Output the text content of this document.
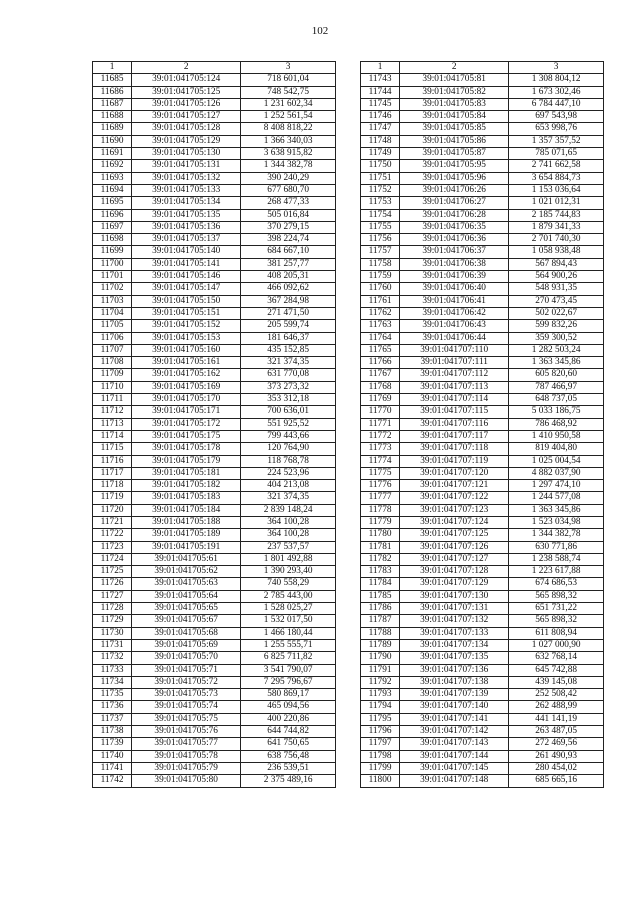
102
1	2	3
11685	39:01:041705:124	718 601,04
11686	39:01:041705:125	748 542,75
11687	39:01:041705:126	1 231 602,34
11688	39:01:041705:127	1 252 561,54
11689	39:01:041705:128	8 408 818,22
11690	39:01:041705:129	1 366 340,03
11691	39:01:041705:130	3 638 915,82
11692	39:01:041705:131	1 344 382,78
11693	39:01:041705:132	390 240,29
11694	39:01:041705:133	677 680,70
11695	39:01:041705:134	268 477,33
11696	39:01:041705:135	505 016,84
11697	39:01:041705:136	370 279,15
11698	39:01:041705:137	398 224,74
11699	39:01:041705:140	684 667,10
11700	39:01:041705:141	381 257,77
11701	39:01:041705:146	408 205,31
11702	39:01:041705:147	466 092,62
11703	39:01:041705:150	367 284,98
11704	39:01:041705:151	271 471,50
11705	39:01:041705:152	205 599,74
11706	39:01:041705:153	181 646,37
11707	39:01:041705:160	435 152,85
11708	39:01:041705:161	321 374,35
11709	39:01:041705:162	631 770,08
11710	39:01:041705:169	373 273,32
11711	39:01:041705:170	353 312,18
11712	39:01:041705:171	700 636,01
11713	39:01:041705:172	551 925,52
11714	39:01:041705:175	799 443,66
11715	39:01:041705:178	120 764,90
11716	39:01:041705:179	118 768,78
11717	39:01:041705:181	224 523,96
11718	39:01:041705:182	404 213,08
11719	39:01:041705:183	321 374,35
11720	39:01:041705:184	2 839 148,24
11721	39:01:041705:188	364 100,28
11722	39:01:041705:189	364 100,28
11723	39:01:041705:191	237 537,57
11724	39:01:041705:61	1 801 492,88
11725	39:01:041705:62	1 390 293,40
11726	39:01:041705:63	740 558,29
11727	39:01:041705:64	2 785 443,00
11728	39:01:041705:65	1 528 025,27
11729	39:01:041705:67	1 532 017,50
11730	39:01:041705:68	1 466 180,44
11731	39:01:041705:69	1 255 555,71
11732	39:01:041705:70	6 825 711,82
11733	39:01:041705:71	3 541 790,07
11734	39:01:041705:72	7 295 796,67
11735	39:01:041705:73	580 869,17
11736	39:01:041705:74	465 094,56
11737	39:01:041705:75	400 220,86
11738	39:01:041705:76	644 744,82
11739	39:01:041705:77	641 750,65
11740	39:01:041705:78	638 756,48
11741	39:01:041705:79	236 539,51
11742	39:01:041705:80	2 375 489,16
1	2	3
11743	39:01:041705:81	1 308 804,12
11744	39:01:041705:82	1 673 302,46
11745	39:01:041705:83	6 784 447,10
11746	39:01:041705:84	697 543,98
11747	39:01:041705:85	653 998,76
11748	39:01:041705:86	1 357 357,52
11749	39:01:041705:87	785 071,65
11750	39:01:041705:95	2 741 662,58
11751	39:01:041705:96	3 654 884,73
11752	39:01:041706:26	1 153 036,64
11753	39:01:041706:27	1 021 012,31
11754	39:01:041706:28	2 185 744,83
11755	39:01:041706:35	1 879 341,33
11756	39:01:041706:36	2 701 740,30
11757	39:01:041706:37	1 058 938,48
11758	39:01:041706:38	567 894,43
11759	39:01:041706:39	564 900,26
11760	39:01:041706:40	548 931,35
11761	39:01:041706:41	270 473,45
11762	39:01:041706:42	502 022,67
11763	39:01:041706:43	599 832,26
11764	39:01:041706:44	359 300,52
11765	39:01:041707:110	1 282 503,24
11766	39:01:041707:111	1 363 345,86
11767	39:01:041707:112	605 820,60
11768	39:01:041707:113	787 466,97
11769	39:01:041707:114	648 737,05
11770	39:01:041707:115	5 033 186,75
11771	39:01:041707:116	786 468,92
11772	39:01:041707:117	1 410 950,58
11773	39:01:041707:118	819 404,80
11774	39:01:041707:119	1 025 004,54
11775	39:01:041707:120	4 882 037,90
11776	39:01:041707:121	1 297 474,10
11777	39:01:041707:122	1 244 577,08
11778	39:01:041707:123	1 363 345,86
11779	39:01:041707:124	1 523 034,98
11780	39:01:041707:125	1 344 382,78
11781	39:01:041707:126	630 771,86
11782	39:01:041707:127	1 238 588,74
11783	39:01:041707:128	1 223 617,88
11784	39:01:041707:129	674 686,53
11785	39:01:041707:130	565 898,32
11786	39:01:041707:131	651 731,22
11787	39:01:041707:132	565 898,32
11788	39:01:041707:133	611 808,94
11789	39:01:041707:134	1 027 000,90
11790	39:01:041707:135	632 768,14
11791	39:01:041707:136	645 742,88
11792	39:01:041707:138	439 145,08
11793	39:01:041707:139	252 508,42
11794	39:01:041707:140	262 488,99
11795	39:01:041707:141	441 141,19
11796	39:01:041707:142	263 487,05
11797	39:01:041707:143	272 469,56
11798	39:01:041707:144	261 490,93
11799	39:01:041707:145	280 454,02
11800	39:01:041707:148	685 665,16
